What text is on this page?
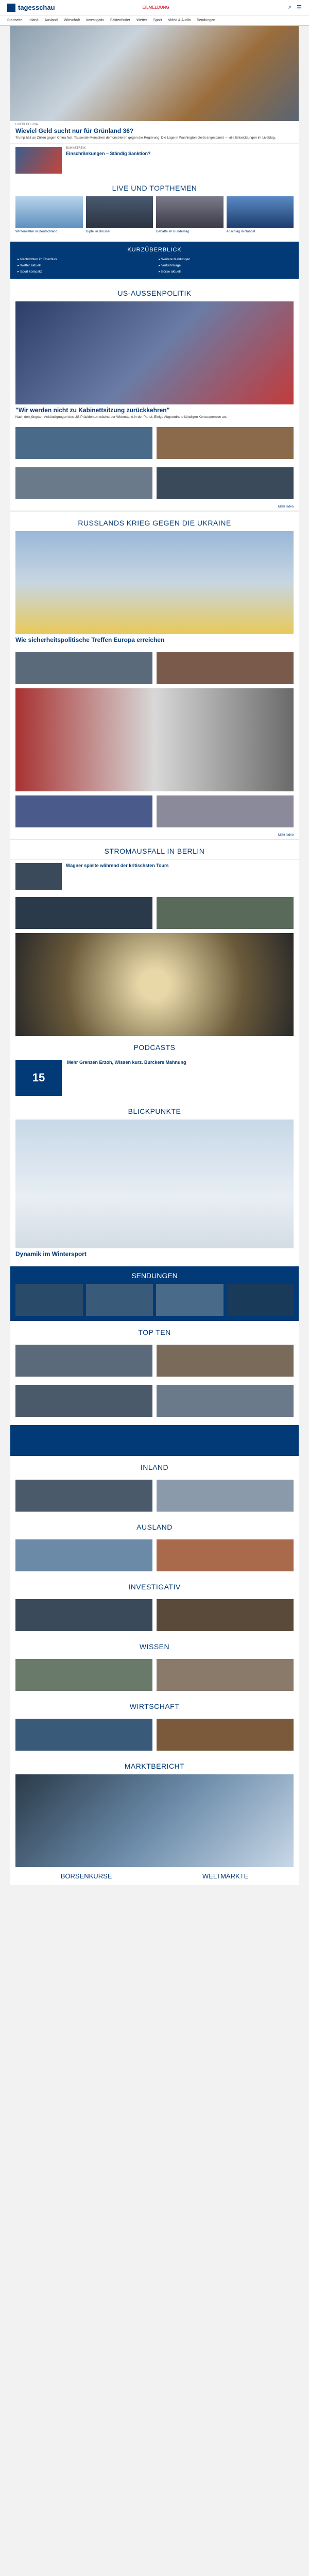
tagesschau	EILMELDUNG	⌕ ☰
Startseite Inland Ausland Wirtschaft Investigativ Faktenfinder Wetter Sport Video & Audio Sendungen
LIVEBLOG USA
Wieviel Geld sucht nur für Grünland 36?
Trump hält an Zöllen gegen China fest. Tausende Menschen demonstrieren gegen die Regierung. Die Lage in Washington bleibt angespannt — alle Entwicklungen im Liveblog.
BAHNSTREIK
Einschränkungen – Ständig Sanktion?
LIVE UND TOPTHEMEN
Winterwetter in Deutschland	Gipfel in Brüssel	Debatte im Bundestag	Anschlag in Nahost
KURZÜBERBLICK
▸ Nachrichten im Überblick	▸ Weitere Meldungen
▸ Wetter aktuell	▸ Verkehrslage
▸ Sport kompakt	▸ Börse aktuell
US-AUSSENPOLITIK
"Wir werden nicht zu Kabinettsitzung zurückkehren"
Nach den jüngsten Ankündigungen des US-Präsidenten wächst der Widerstand in der Partei. Einige Abgeordnete kündigen Konsequenzen an.
Mehr laden
RUSSLANDS KRIEG GEGEN DIE UKRAINE
Wie sicherheitspolitische Treffen Europa erreichen
Mehr laden
STROMAUSFALL IN BERLIN
Wagner spielte während der kritischsten Tours
PODCASTS
15
Mehr Grenzen Erzoh, Wissen kurz. Burckers Mahnung
BLICKPUNKTE
Dynamik im Wintersport
SENDUNGEN
TOP TEN
INLAND
AUSLAND
INVESTIGATIV
WISSEN
WIRTSCHAFT
MARKTBERICHT
BÖRSENKURSE	WELTMÄRKTE
